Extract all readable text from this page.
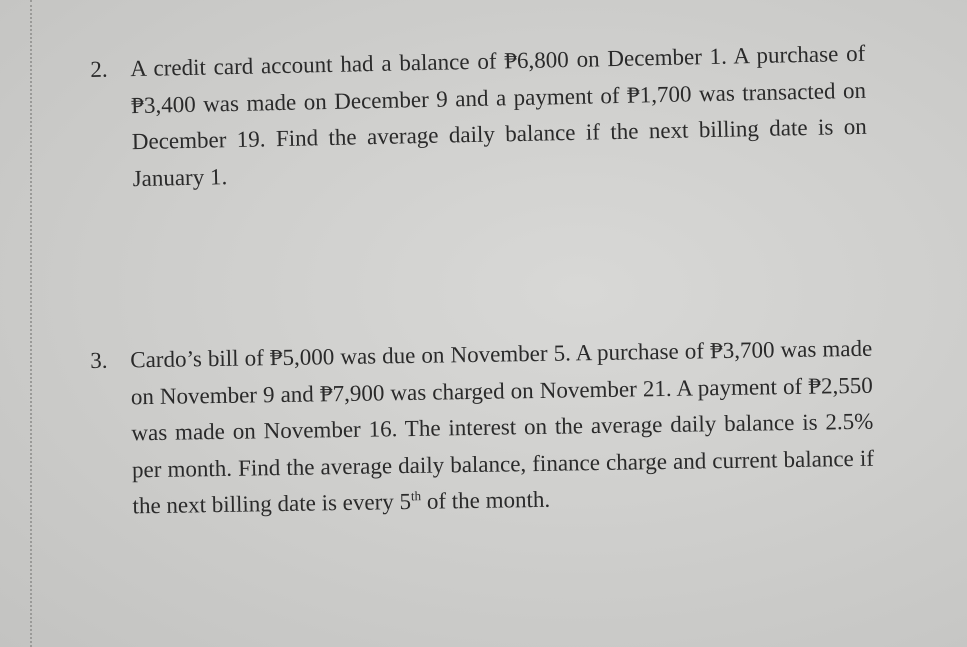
2. A credit card account had a balance of ₱6,800 on December 1. A purchase of ₱3,400 was made on December 9 and a payment of ₱1,700 was transacted on December 19. Find the average daily balance if the next billing date is on January 1.
3. Cardo’s bill of ₱5,000 was due on November 5. A purchase of ₱3,700 was made on November 9 and ₱7,900 was charged on November 21. A payment of ₱2,550 was made on November 16. The interest on the average daily balance is 2.5% per month. Find the average daily balance, finance charge and current balance if the next billing date is every 5th of the month.
